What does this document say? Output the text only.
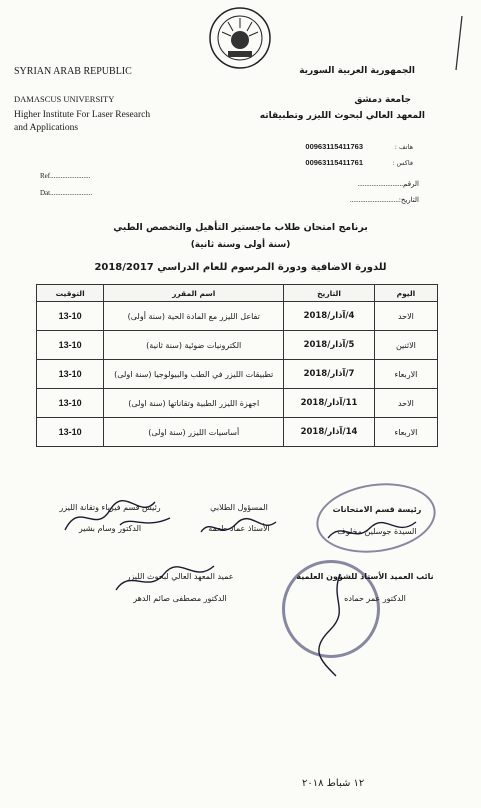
SYRIAN ARAB REPUBLIC
DAMASCUS UNIVERSITY
Higher Institute For Laser Research
and Applications
Ref.......................
Dat........................
الجمهورية العربية السورية
جامعة دمشق
المعهد العالي لبحوث الليزر وتطبيقاته
هاتف :
00963115411763
فاكس :
00963115411761
الرقم..........................
التاريخ:............................
برنامج امتحان طلاب ماجستير التأهيل والتخصص الطبي
(سنة أولى وسنة ثانية)
للدورة الاضافية ودورة المرسوم للعام الدراسي 2018/2017
اليوم	التاريخ	اسم المقرر	التوقيت
الاحد	4/آذار/2018	تفاعل الليزر مع المادة الحية (سنة أولى)	13-10
الاثنين	5/آذار/2018	الكترونيات ضوئية (سنة ثانية)	13-10
الاربعاء	7/آذار/2018	تطبيقات الليزر في الطب والبيولوجيا (سنة اولى)	13-10
الاحد	11/آذار/2018	اجهزة الليزر الطبية وتقاناتها (سنة اولى)	13-10
الاربعاء	14/آذار/2018	أساسيات الليزر (سنة اولى)	13-10
رئيسة قسم الامتحانات
السيدة جوسلين مخلوف
المسؤول الطلابي
الأستاذ عماد طعمة
رئيس قسم فيزياء وتقانة الليزر
الدكتور وسام بشير
نائب العميد الأستاذ للشؤون العلمية
الدكتور عمر حماده
عميد المعهد العالي لبحوث الليزر
الدكتور مصطفى صائم الدهر
١٢ شباط ٢٠١٨
